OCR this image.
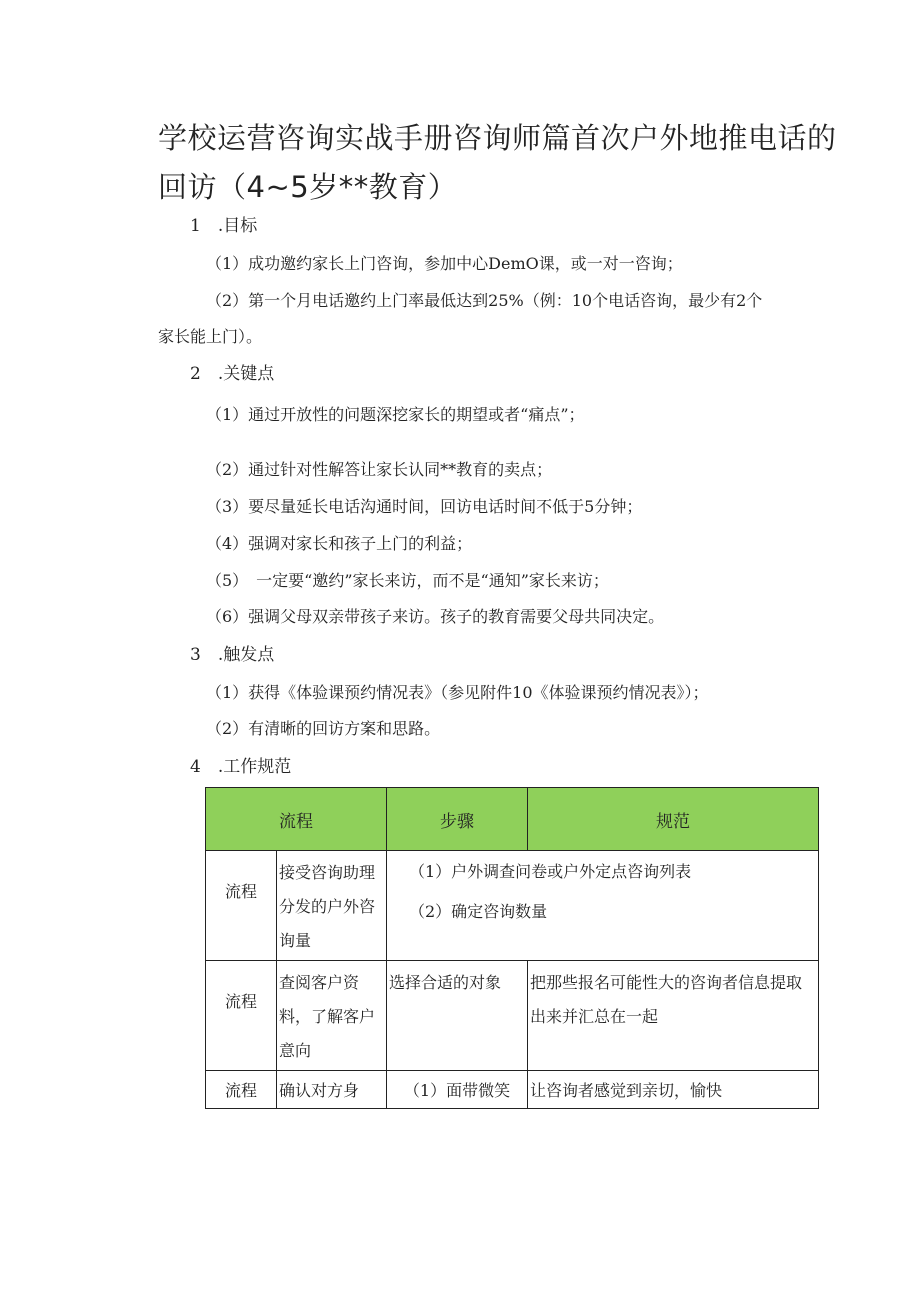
学校运营咨询实战手册咨询师篇首次户外地推电话的回访（4~5岁**教育）
1　.目标
（1）成功邀约家长上门咨询，参加中心DemO课，或一对一咨询；
（2）第一个月电话邀约上门率最低达到25%（例：10个电话咨询，最少有2个
家长能上门）。
2　.关键点
（1）通过开放性的问题深挖家长的期望或者“痛点”；
（2）通过针对性解答让家长认同**教育的卖点；
（3）要尽量延长电话沟通时间，回访电话时间不低于5分钟；
（4）强调对家长和孩子上门的利益；
（5）　一定要“邀约”家长来访，而不是“通知”家长来访；
（6）强调父母双亲带孩子来访。孩子的教育需要父母共同决定。
3　.触发点
（1）获得《体验课预约情况表》（参见附件10《体验课预约情况表》）；
（2）有清晰的回访方案和思路。
4　.工作规范
流程		步骤	规范

流程	接受咨询助理分发的户外咨询量	（1）户外调查问卷或户外定点咨询列表
（2）确定咨询数量	

流程	查阅客户资料，了解客户意向	选择合适的对象	把那些报名可能性大的咨询者信息提取出来并汇总在一起

流程	确认对方身	（1）面带微笑	让咨询者感觉到亲切，愉快
